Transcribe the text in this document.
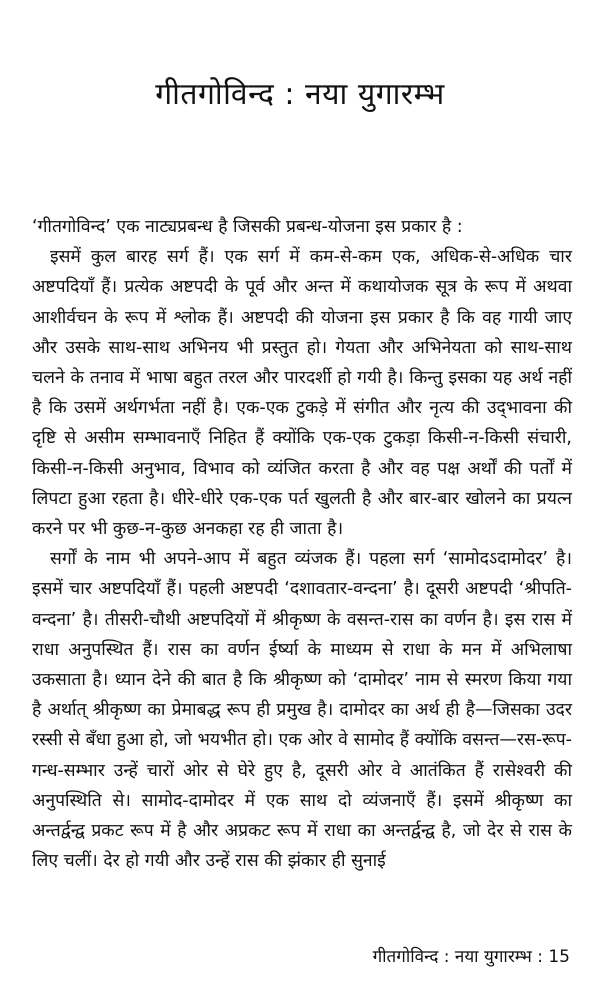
गीतगोविन्द : नया युगारम्भ

‘गीतगोविन्द’ एक नाट्यप्रबन्ध है जिसकी प्रबन्ध-योजना इस प्रकार है :

इसमें कुल बारह सर्ग हैं। एक सर्ग में कम-से-कम एक, अधिक-से-अधिक चार अष्टपदियाँ हैं। प्रत्येक अष्टपदी के पूर्व और अन्त में कथायोजक सूत्र के रूप में अथवा आशीर्वचन के रूप में श्लोक हैं। अष्टपदी की योजना इस प्रकार है कि वह गायी जाए और उसके साथ-साथ अभिनय भी प्रस्तुत हो। गेयता और अभिनेयता को साथ-साथ चलने के तनाव में भाषा बहुत तरल और पारदर्शी हो गयी है। किन्तु इसका यह अर्थ नहीं है कि उसमें अर्थगर्भता नहीं है। एक-एक टुकड़े में संगीत और नृत्य की उद्‌भावना की दृष्टि से असीम सम्भावनाएँ निहित हैं क्योंकि एक-एक टुकड़ा किसी-न-किसी संचारी, किसी-न-किसी अनुभाव, विभाव को व्यंजित करता है और वह पक्ष अर्थों की पर्तों में लिपटा हुआ रहता है। धीरे-धीरे एक-एक पर्त खुलती है और बार-बार खोलने का प्रयत्न करने पर भी कुछ-न-कुछ अनकहा रह ही जाता है।

सर्गों के नाम भी अपने-आप में बहुत व्यंजक हैं। पहला सर्ग ‘सामोदऽदामोदर’ है। इसमें चार अष्टपदियाँ हैं। पहली अष्टपदी ‘दशावतार-वन्दना’ है। दूसरी अष्टपदी ‘श्रीपति-वन्दना’ है। तीसरी-चौथी अष्टपदियों में श्रीकृष्ण के वसन्त-रास का वर्णन है। इस रास में राधा अनुपस्थित हैं। रास का वर्णन ईर्ष्या के माध्यम से राधा के मन में अभिलाषा उकसाता है। ध्यान देने की बात है कि श्रीकृष्ण को ‘दामोदर’ नाम से स्मरण किया गया है अर्थात् श्रीकृष्ण का प्रेमाबद्ध रूप ही प्रमुख है। दामोदर का अर्थ ही है—जिसका उदर रस्सी से बँधा हुआ हो, जो भयभीत हो। एक ओर वे सामोद हैं क्योंकि वसन्त—रस-रूप-गन्ध-सम्भार उन्हें चारों ओर से घेरे हुए है, दूसरी ओर वे आतंकित हैं रासेश्वरी की अनुपस्थिति से। सामोद-दामोदर में एक साथ दो व्यंजनाएँ हैं। इसमें श्रीकृष्ण का अन्तर्द्वन्द्व प्रकट रूप में है और अप्रकट रूप में राधा का अन्तर्द्वन्द्व है, जो देर से रास के लिए चलीं। देर हो गयी और उन्हें रास की झंकार ही सुनाई

गीतगोविन्द : नया युगारम्भ : 15
